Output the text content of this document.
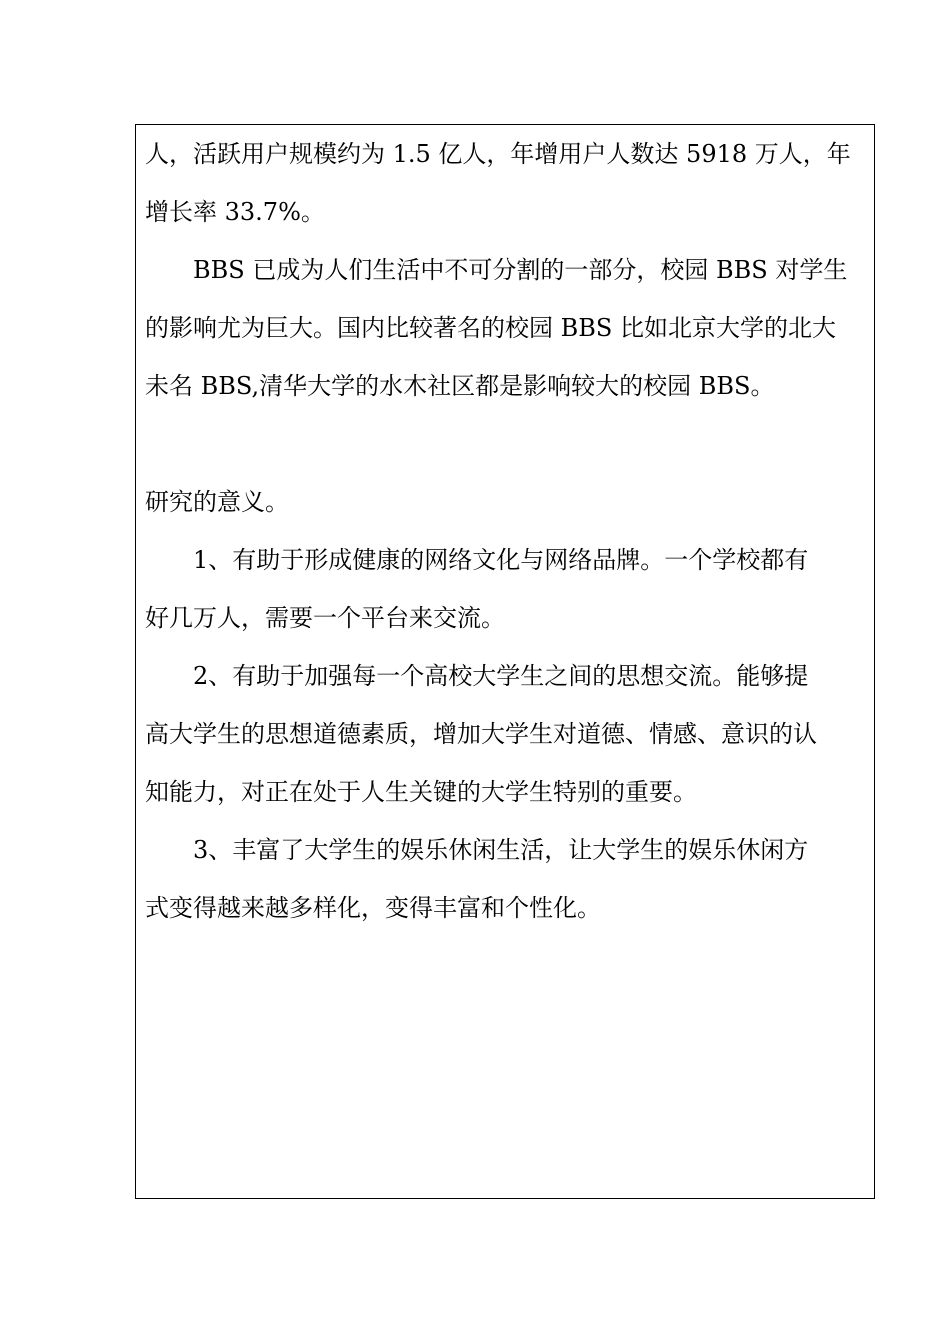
人，活跃用户规模约为 1.5 亿人，年增用户人数达 5918 万人，年
增长率 33.7%。
BBS 已成为人们生活中不可分割的一部分，校园 BBS 对学生
的影响尤为巨大。国内比较著名的校园 BBS 比如北京大学的北大
未名 BBS,清华大学的水木社区都是影响较大的校园 BBS。
研究的意义。
1、有助于形成健康的网络文化与网络品牌。一个学校都有
好几万人，需要一个平台来交流。
2、有助于加强每一个高校大学生之间的思想交流。能够提
高大学生的思想道德素质，增加大学生对道德、情感、意识的认
知能力，对正在处于人生关键的大学生特别的重要。
3、丰富了大学生的娱乐休闲生活，让大学生的娱乐休闲方
式变得越来越多样化，变得丰富和个性化。
